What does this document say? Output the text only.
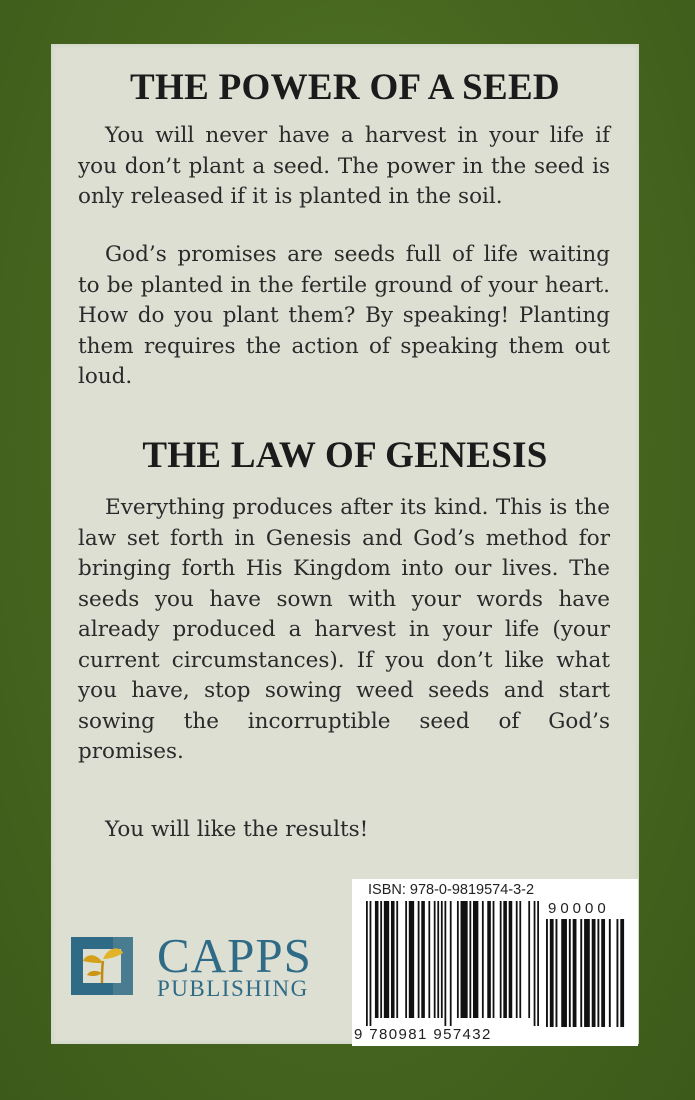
THE POWER OF A SEED

You will never have a harvest in your life if you don’t plant a seed. The power in the seed is only released if it is planted in the soil.

God’s promises are seeds full of life waiting to be planted in the fertile ground of your heart. How do you plant them? By speaking! Planting them requires the action of speaking them out loud.

THE LAW OF GENESIS

Everything produces after its kind. This is the law set forth in Genesis and God’s method for bringing forth His Kingdom into our lives. The seeds you have sown with your words have already produced a harvest in your life (your current circumstances). If you don’t like what you have, stop sowing weed seeds and start sowing the incorruptible seed of God’s promises.

You will like the results!

CAPPS
PUBLISHING
ISBN: 978-0-9819574-3-2
90000
9 780981 957432
